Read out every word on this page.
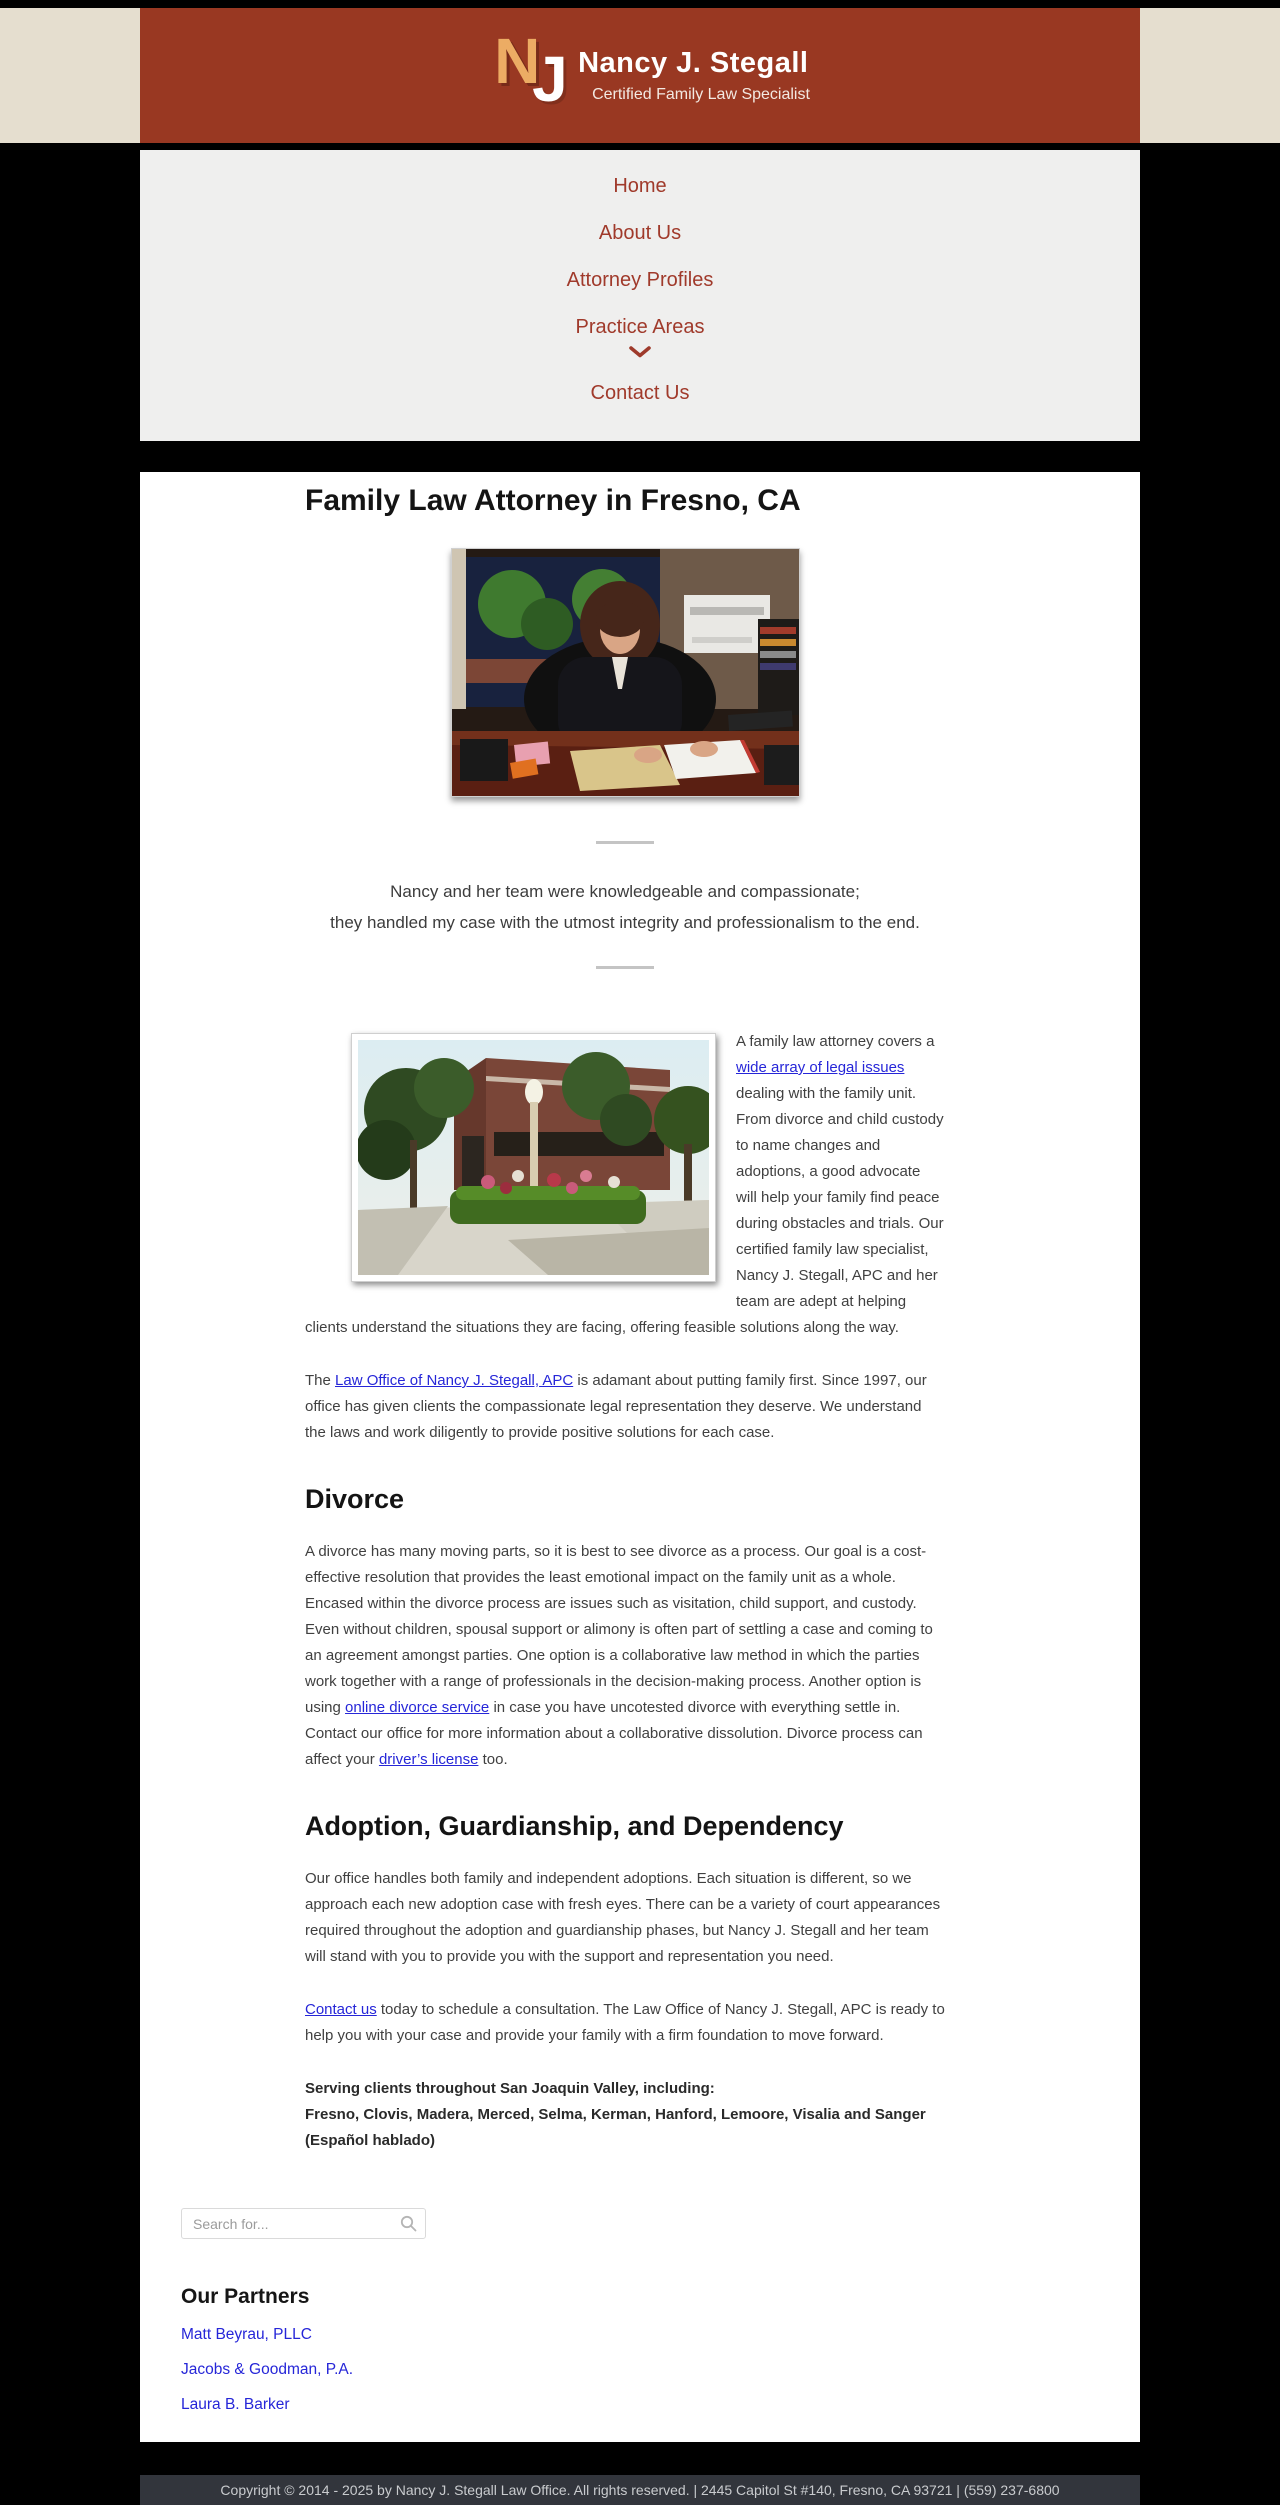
N
J Nancy J. Stegall
Certified Family Law Specialist
Home
About Us
Attorney Profiles
Practice Areas
Contact Us
Family Law Attorney in Fresno, CA
Nancy and her team were knowledgeable and compassionate;
they handled my case with the utmost integrity and professionalism to the end.

A family law attorney covers a wide array of legal issues dealing with the family unit. From divorce and child custody to name changes and adoptions, a good advocate will help your family find peace during obstacles and trials. Our certified family law specialist, Nancy J. Stegall, APC and her team are adept at helping clients understand the situations they are facing, offering feasible solutions along the way.

The Law Office of Nancy J. Stegall, APC is adamant about putting family first. Since 1997, our office has given clients the compassionate legal representation they deserve. We understand the laws and work diligently to provide positive solutions for each case.

Divorce

A divorce has many moving parts, so it is best to see divorce as a process. Our goal is a cost-effective resolution that provides the least emotional impact on the family unit as a whole. Encased within the divorce process are issues such as visitation, child support, and custody. Even without children, spousal support or alimony is often part of settling a case and coming to an agreement amongst parties. One option is a collaborative law method in which the parties work together with a range of professionals in the decision-making process. Another option is using online divorce service in case you have uncotested divorce with everything settle in. Contact our office for more information about a collaborative dissolution. Divorce process can affect your driver’s license too.

Adoption, Guardianship, and Dependency

Our office handles both family and independent adoptions. Each situation is different, so we approach each new adoption case with fresh eyes. There can be a variety of court appearances required throughout the adoption and guardianship phases, but Nancy J. Stegall and her team will stand with you to provide you with the support and representation you need.

Contact us today to schedule a consultation. The Law Office of Nancy J. Stegall, APC is ready to help you with your case and provide your family with a firm foundation to move forward.

Serving clients throughout San Joaquin Valley, including:
Fresno, Clovis, Madera, Merced, Selma, Kerman, Hanford, Lemoore, Visalia and Sanger (Español hablado)
Search for...
Our Partners
Matt Beyrau, PLLC
Jacobs & Goodman, P.A.
Laura B. Barker
Copyright © 2014 - 2025 by Nancy J. Stegall Law Office. All rights reserved. | 2445 Capitol St #140, Fresno, CA 93721 | (559) 237-6800
